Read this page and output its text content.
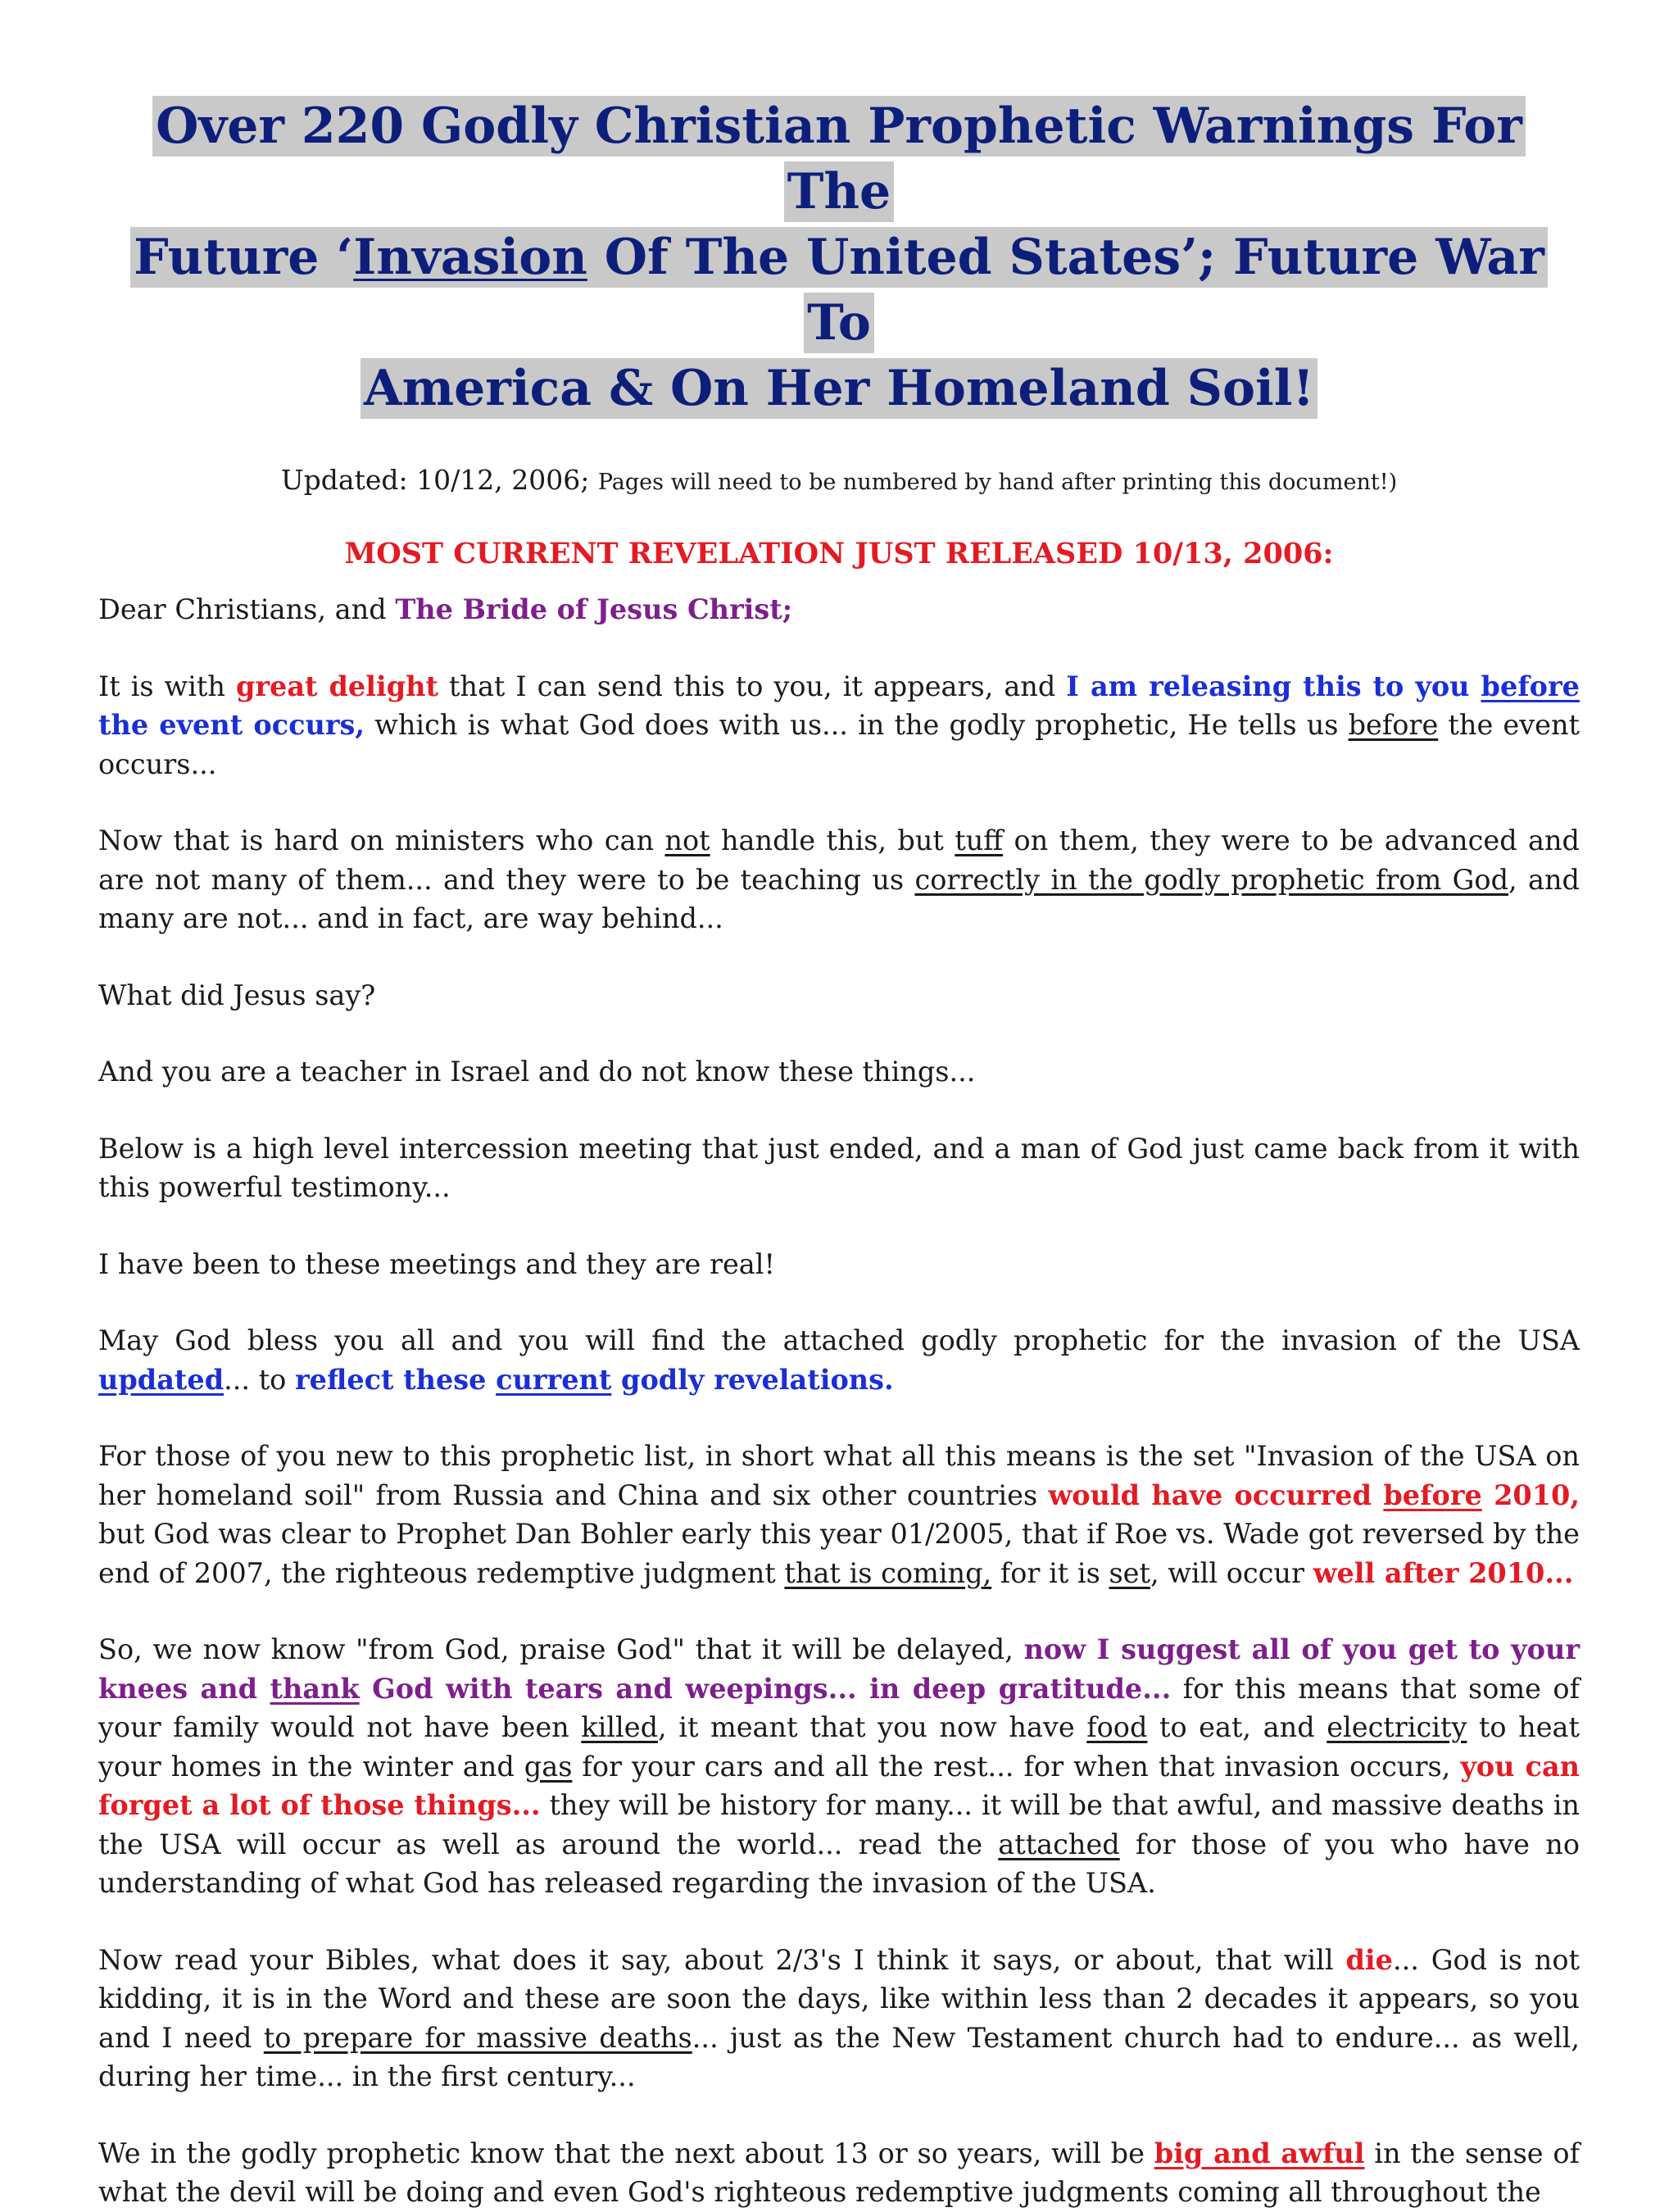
Over 220 Godly Christian Prophetic Warnings For The
Future ‘Invasion Of The United States’; Future War To
America & On Her Homeland Soil!
Updated: 10/12, 2006; Pages will need to be numbered by hand after printing this document!)
MOST CURRENT REVELATION JUST RELEASED 10/13, 2006:

Dear Christians, and The Bride of Jesus Christ;

It is with great delight that I can send this to you, it appears, and I am releasing this to you before the event occurs, which is what God does with us... in the godly prophetic, He tells us before the event occurs...

Now that is hard on ministers who can not handle this, but tuff on them, they were to be advanced and are not many of them... and they were to be teaching us correctly in the godly prophetic from God, and many are not... and in fact, are way behind...

What did Jesus say?

And you are a teacher in Israel and do not know these things...

Below is a high level intercession meeting that just ended, and a man of God just came back from it with this powerful testimony...

I have been to these meetings and they are real!

May God bless you all and you will find the attached godly prophetic for the invasion of the USA updated... to reflect these current godly revelations.

For those of you new to this prophetic list, in short what all this means is the set "Invasion of the USA on her homeland soil" from Russia and China and six other countries would have occurred before 2010, but God was clear to Prophet Dan Bohler early this year 01/2005, that if Roe vs. Wade got reversed by the end of 2007, the righteous redemptive judgment that is coming, for it is set, will occur well after 2010...

So, we now know "from God, praise God" that it will be delayed, now I suggest all of you get to your knees and thank God with tears and weepings... in deep gratitude... for this means that some of your family would not have been killed, it meant that you now have food to eat, and electricity to heat your homes in the winter and gas for your cars and all the rest... for when that invasion occurs, you can forget a lot of those things... they will be history for many... it will be that awful, and massive deaths in the USA will occur as well as around the world... read the attached for those of you who have no understanding of what God has released regarding the invasion of the USA.

Now read your Bibles, what does it say, about 2/3's I think it says, or about, that will die... God is not kidding, it is in the Word and these are soon the days, like within less than 2 decades it appears, so you and I need to prepare for massive deaths... just as the New Testament church had to endure... as well, during her time... in the first century...

We in the godly prophetic know that the next about 13 or so years, will be big and awful in the sense of what the devil will be doing and even God's righteous redemptive judgments coming all throughout the
